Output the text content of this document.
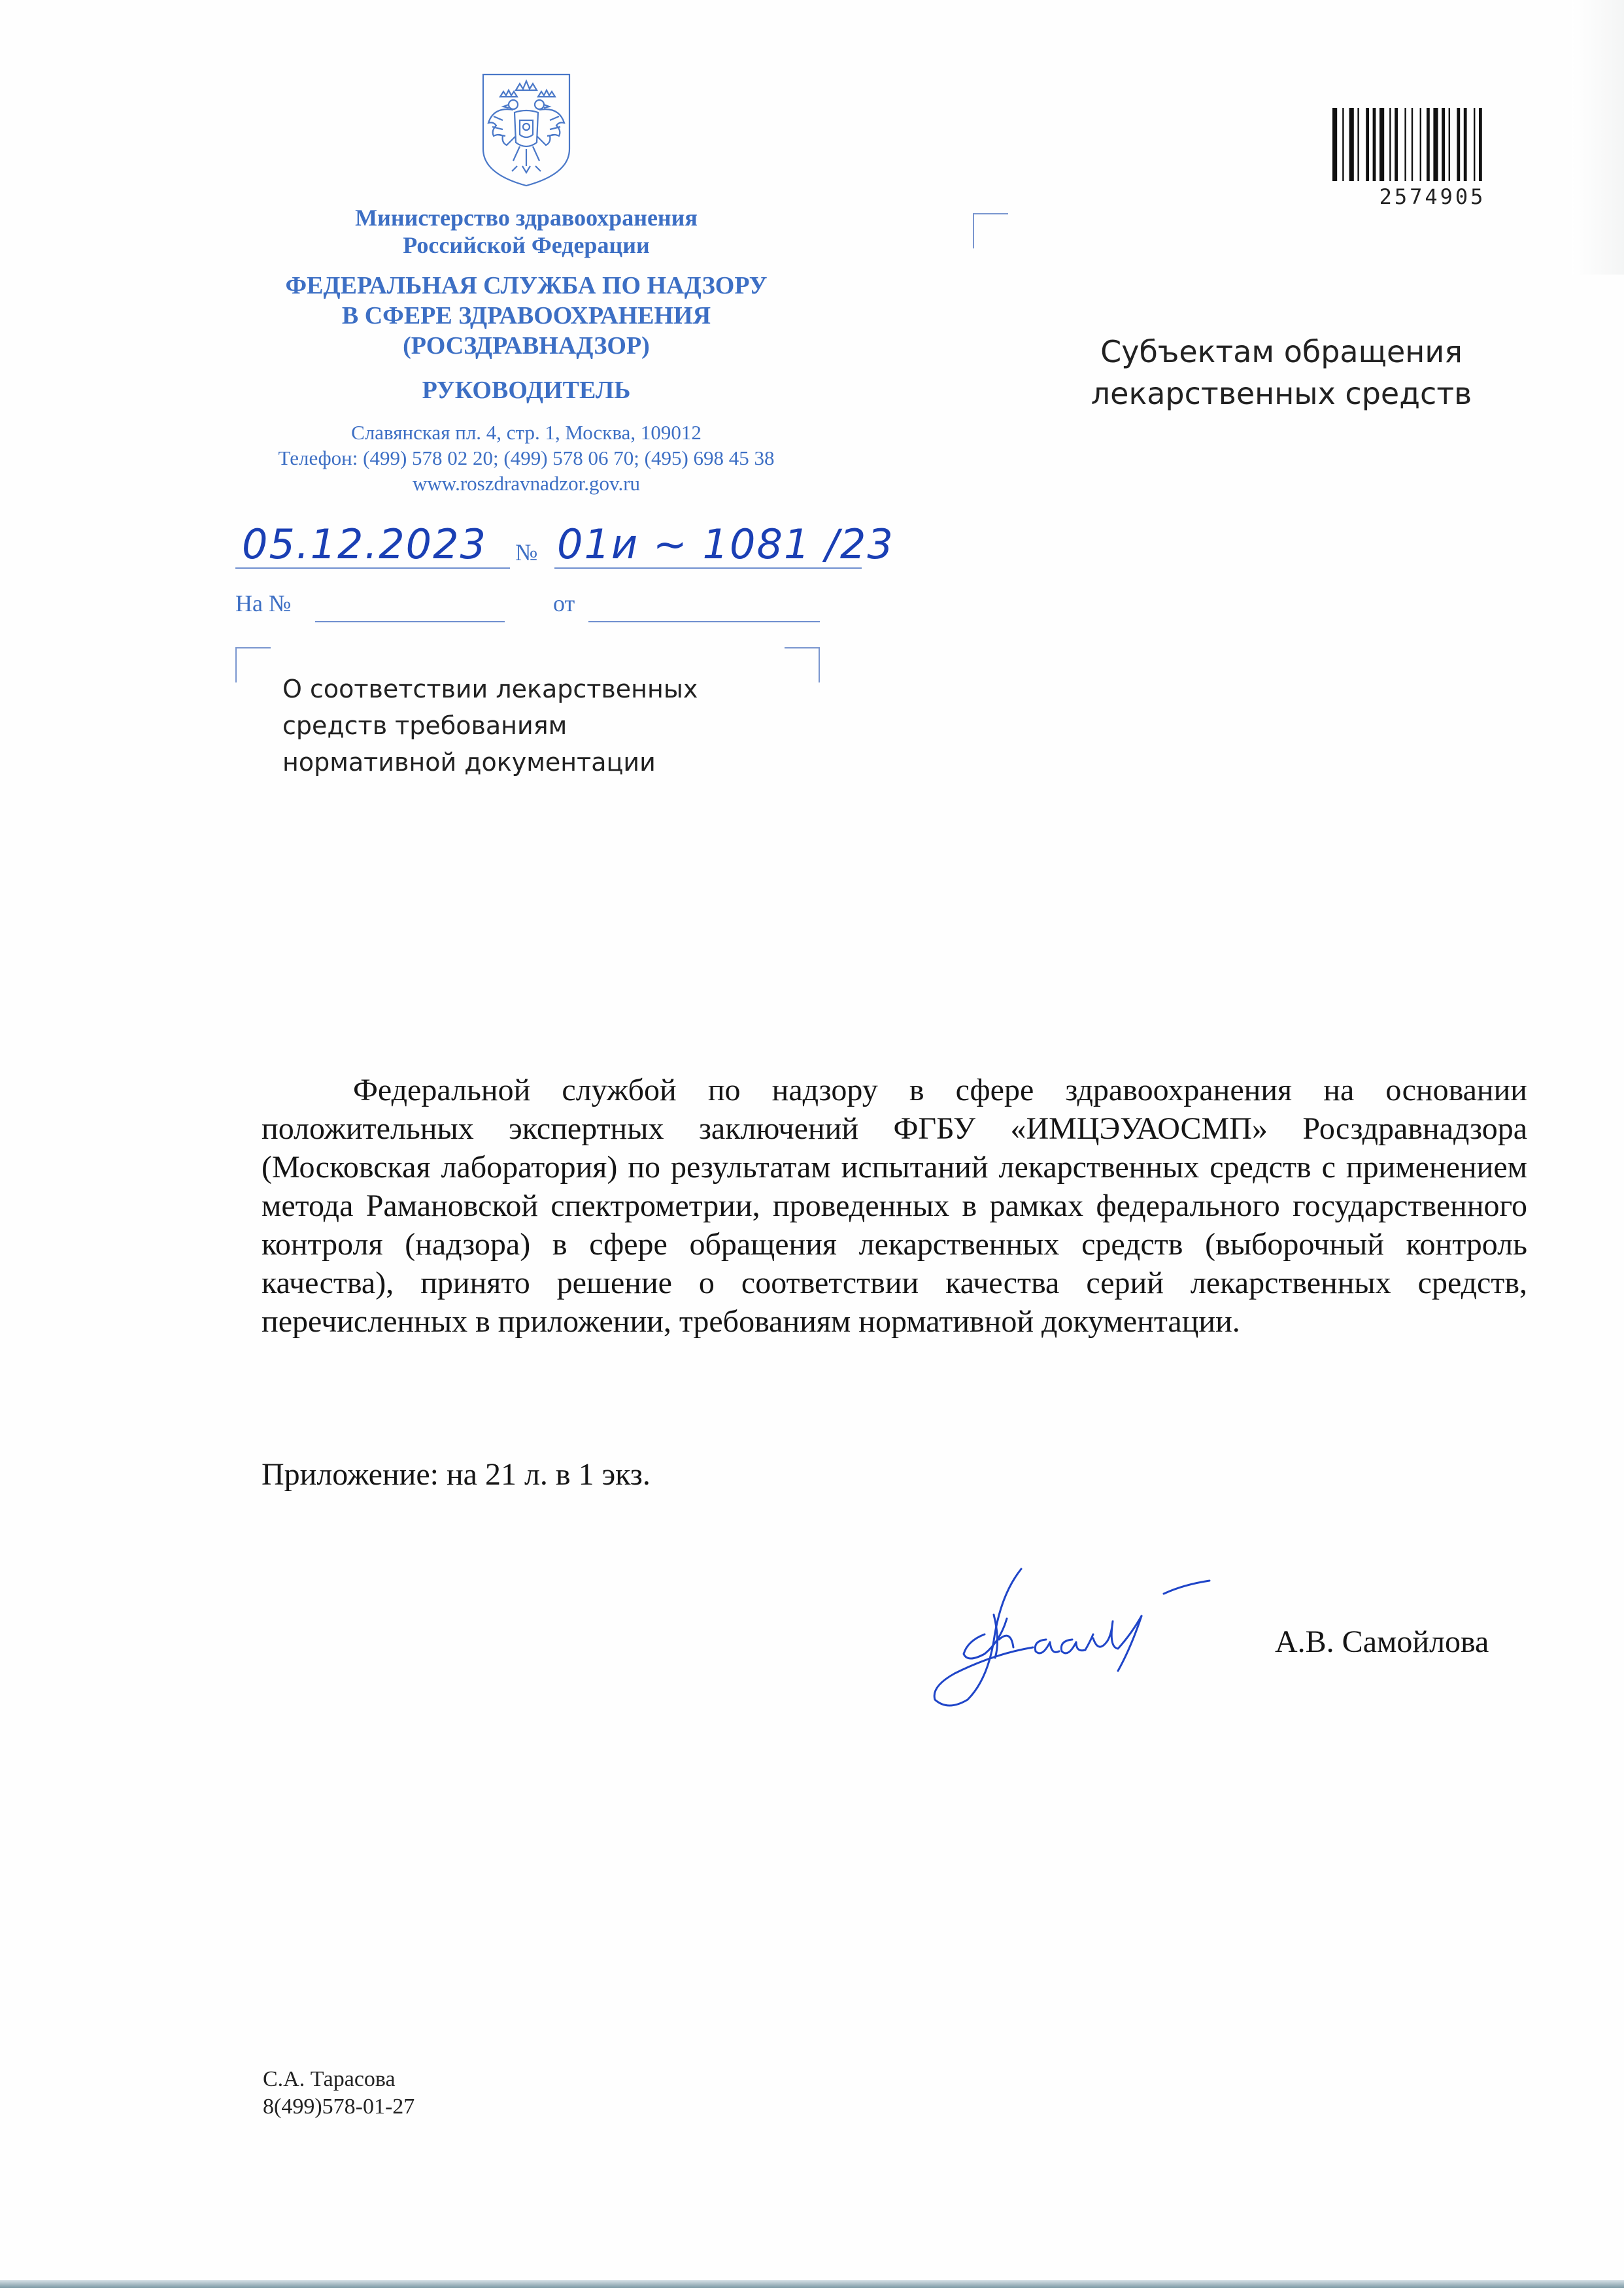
Министерство здравоохранения
Российской Федерации
ФЕДЕРАЛЬНАЯ СЛУЖБА ПО НАДЗОРУ
В СФЕРЕ ЗДРАВООХРАНЕНИЯ
(РОСЗДРАВНАДЗОР)
РУКОВОДИТЕЛЬ
Славянская пл. 4, стр. 1, Москва, 109012
Телефон: (499) 578 02 20; (499) 578 06 70; (495) 698 45 38
www.roszdravnadzor.gov.ru
05.12.2023 № 01и ~ 1081 /23
На №	от
О соответствии лекарственных
средств требованиям
нормативной документации
Субъектам обращения
лекарственных средств
2574905
Федеральной службой по надзору в сфере здравоохранения на основании положительных экспертных заключений ФГБУ «ИМЦЭУАОСМП» Росздравнадзора (Московская лаборатория) по результатам испытаний лекарственных средств с применением метода Рамановской спектрометрии, проведенных в рамках федерального государственного контроля (надзора) в сфере обращения лекарственных средств (выборочный контроль качества), принято решение о соответствии качества серий лекарственных средств, перечисленных в приложении, требованиям нормативной документации.
Приложение: на 21 л. в 1 экз.
А.В. Самойлова
С.А. Тарасова
8(499)578-01-27
